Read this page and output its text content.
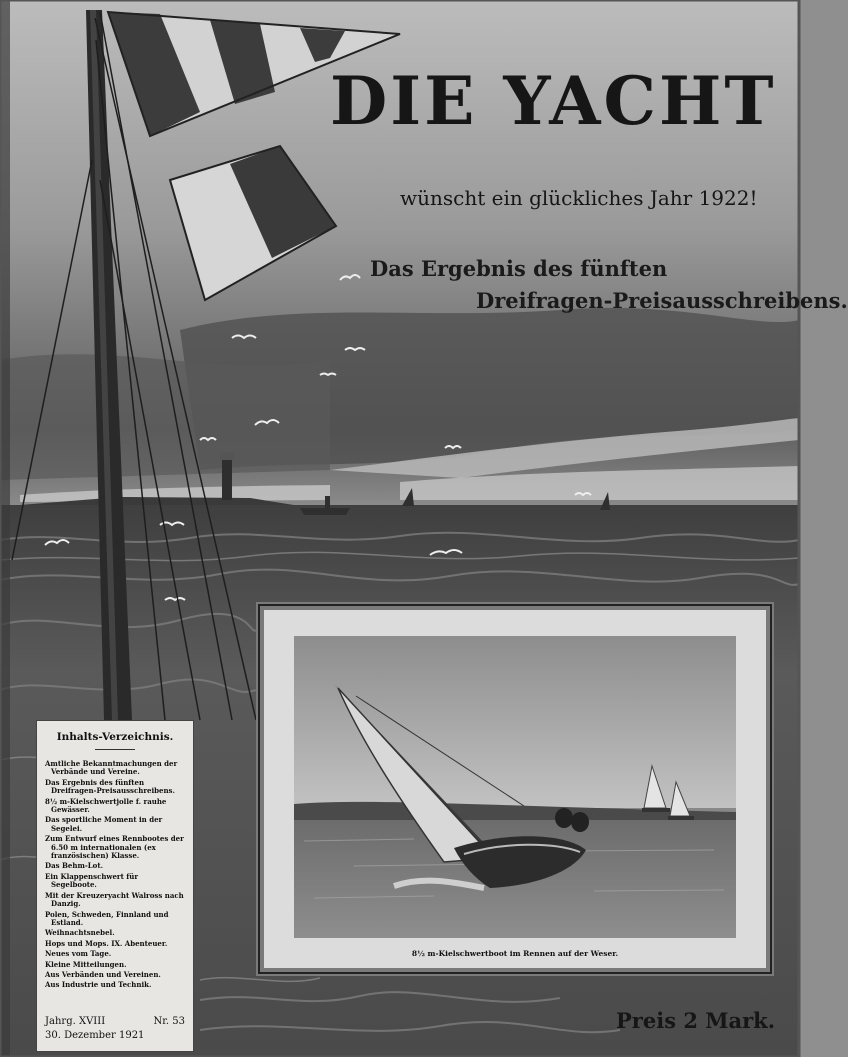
DIE YACHT
wünscht ein glückliches Jahr 1922!
Das Ergebnis des fünften
Dreifragen-Preisausschreibens.
Inhalts-Verzeichnis.
Amtliche Bekanntmachungen der Verbände und Vereine.
Das Ergebnis des fünften Dreifragen-Preisausschreibens.
8½ m-Kielschwertjolle f. rauhe Gewässer.
Das sportliche Moment in der Segelei.
Zum Entwurf eines Rennbootes der 6.50 m internationalen (ex französischen) Klasse.
Das Behm-Lot.
Ein Klappenschwert für Segelboote.
Mit der Kreuzeryacht Walross nach Danzig.
Polen, Schweden, Finnland und Estland.
Weihnachtsnebel.
Hops und Mops. IX. Abenteuer.
Neues vom Tage.
Kleine Mitteilungen.
Aus Verbänden und Vereinen.
Aus Industrie und Technik.
Jahrg. XVIII	Nr. 53
30. Dezember 1921
8½ m-Kielschwertboot im Rennen auf der Weser.
Preis 2 Mark.
